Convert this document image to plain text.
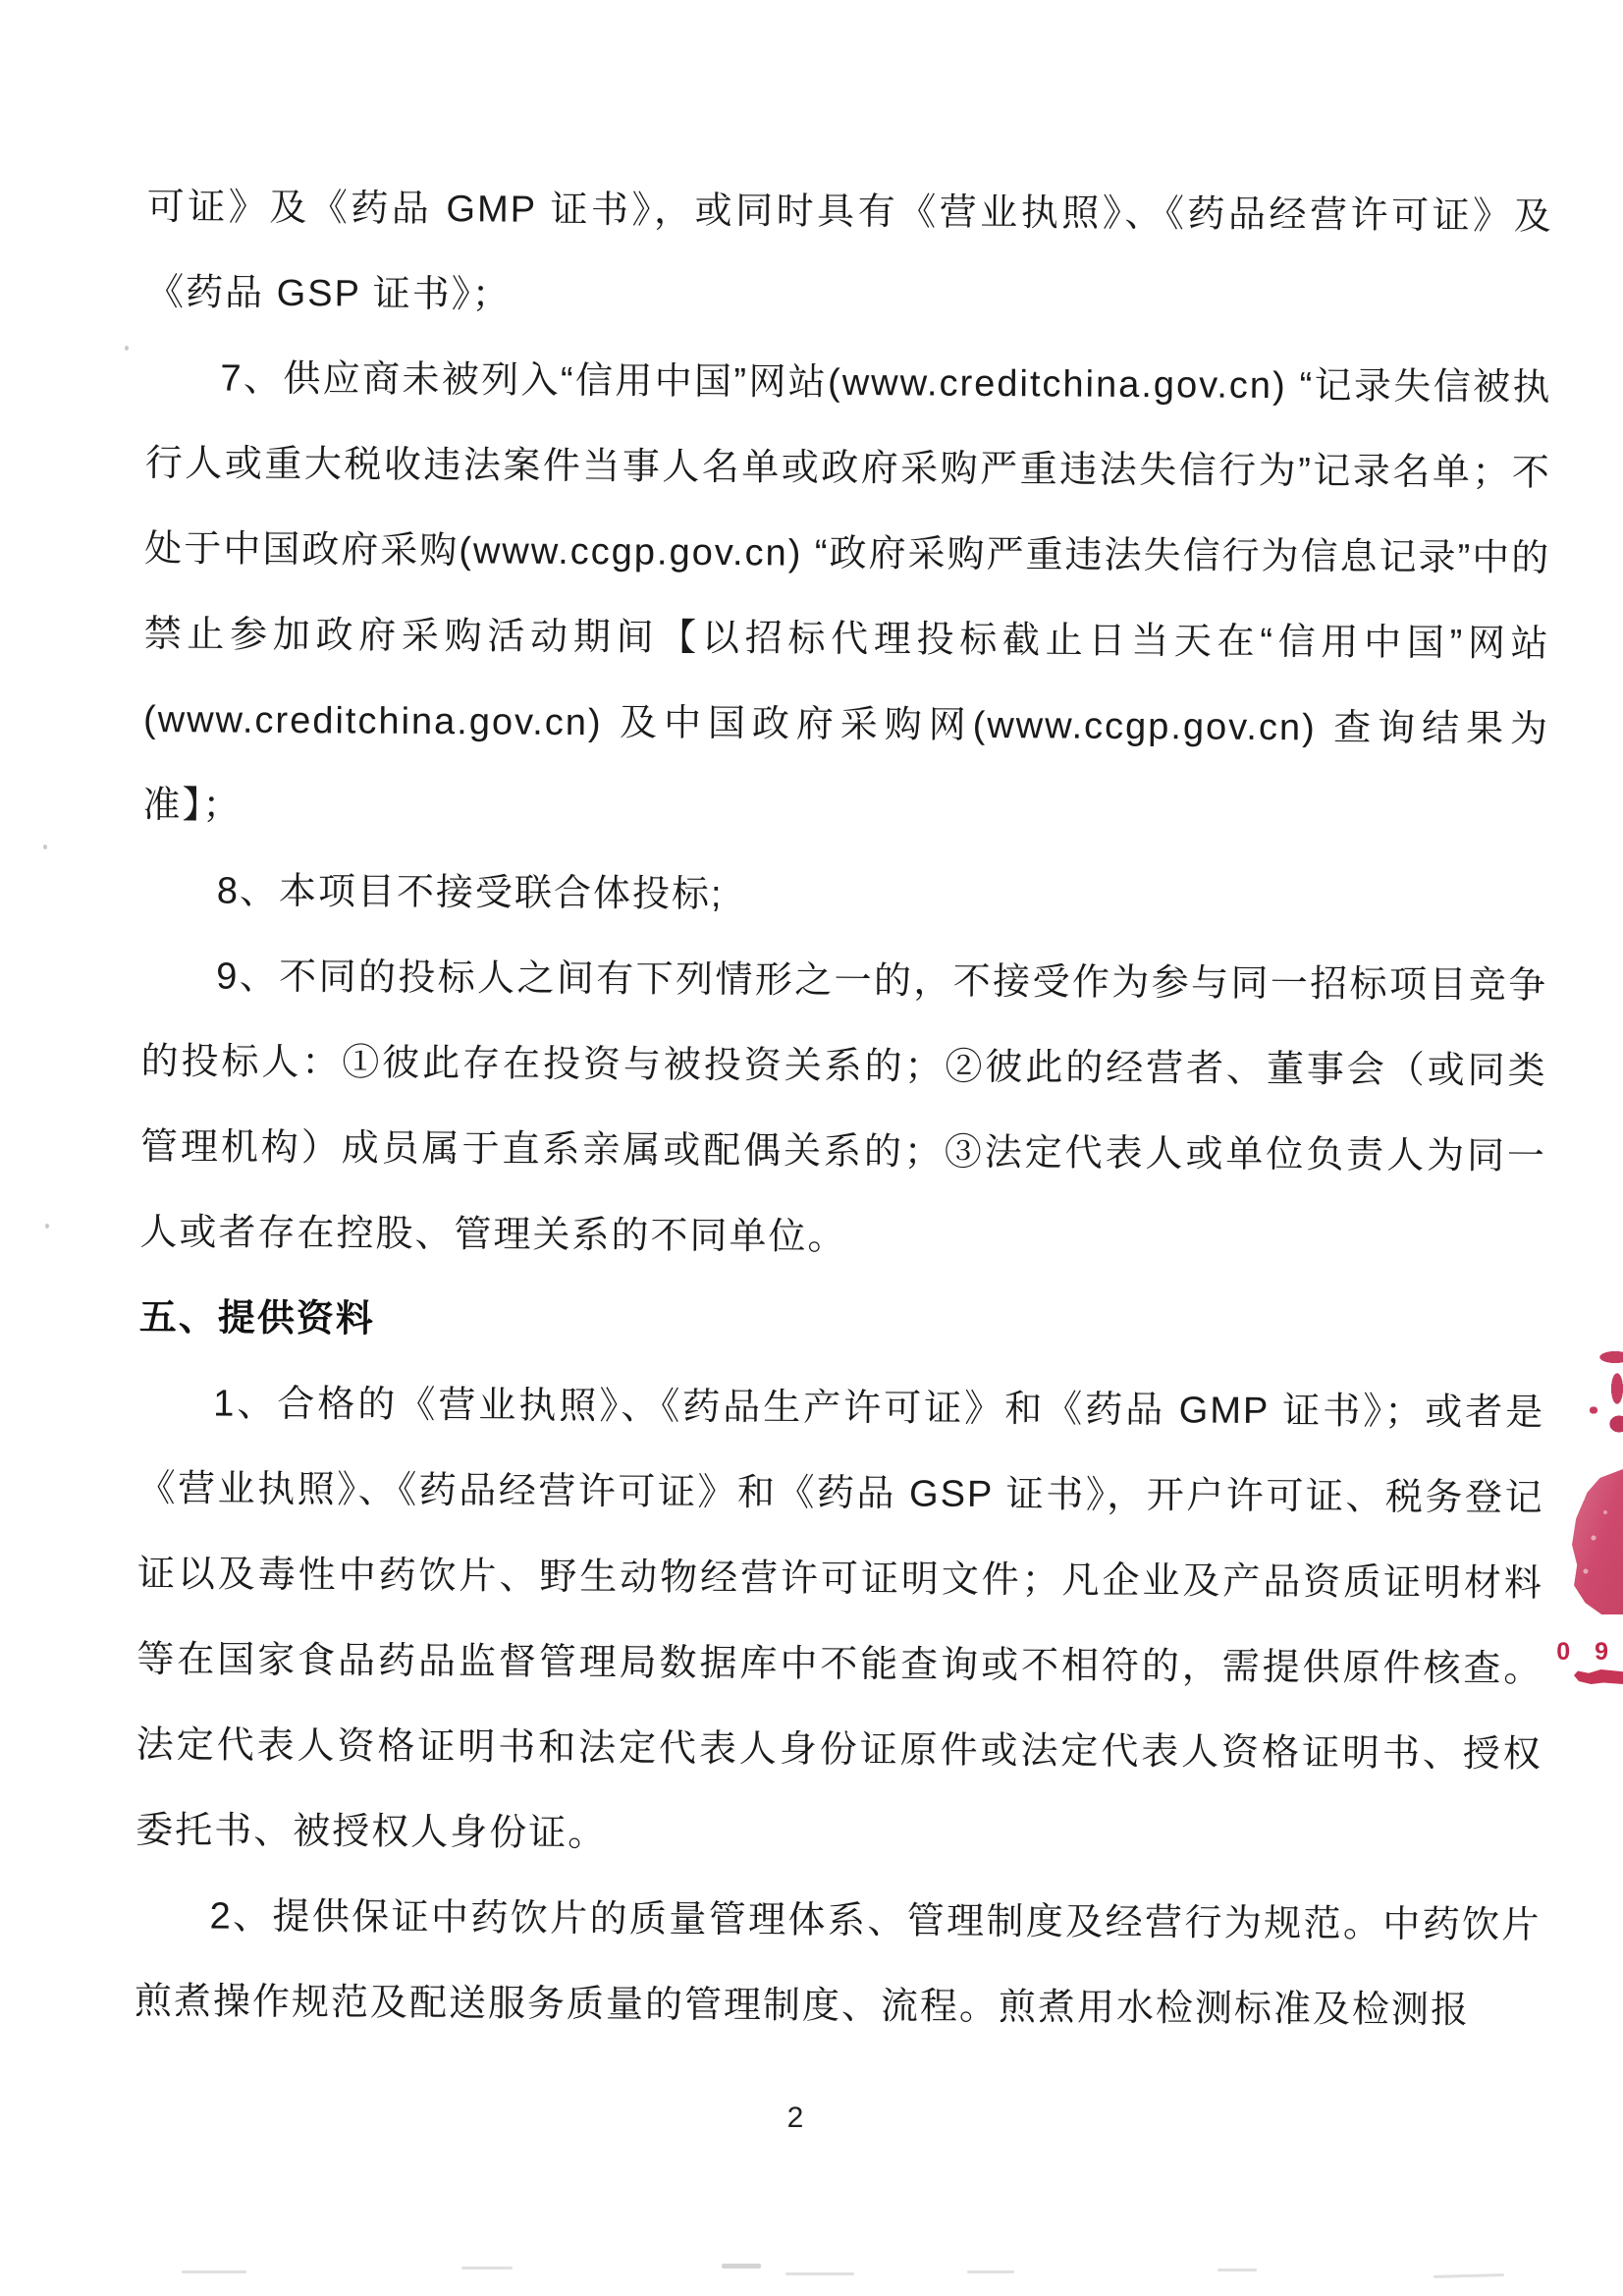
可证》及《药品 GMP 证书》，或同时具有《营业执照》、《药品经营许可证》及《药品 GSP 证书》；

7、供应商未被列入“信用中国”网站(www.creditchina.gov.cn) “记录失信被执行人或重大税收违法案件当事人名单或政府采购严重违法失信行为”记录名单；不处于中国政府采购(www.ccgp.gov.cn) “政府采购严重违法失信行为信息记录”中的禁止参加政府采购活动期间【以招标代理投标截止日当天在“信用中国”网站 (www.creditchina.gov.cn) 及中国政府采购网(www.ccgp.gov.cn) 查询结果为准】；

8、本项目不接受联合体投标;

9、不同的投标人之间有下列情形之一的，不接受作为参与同一招标项目竞争的投标人：①彼此存在投资与被投资关系的；②彼此的经营者、董事会（或同类管理机构）成员属于直系亲属或配偶关系的；③法定代表人或单位负责人为同一人或者存在控股、管理关系的不同单位。

五、提供资料

1、合格的《营业执照》、《药品生产许可证》和《药品 GMP 证书》；或者是《营业执照》、《药品经营许可证》和《药品 GSP 证书》，开户许可证、税务登记证以及毒性中药饮片、野生动物经营许可证明文件；凡企业及产品资质证明材料等在国家食品药品监督管理局数据库中不能查询或不相符的，需提供原件核查。法定代表人资格证明书和法定代表人身份证原件或法定代表人资格证明书、授权委托书、被授权人身份证。

2、提供保证中药饮片的质量管理体系、管理制度及经营行为规范。中药饮片煎煮操作规范及配送服务质量的管理制度、流程。煎煮用水检测标准及检测报

2
0 9
